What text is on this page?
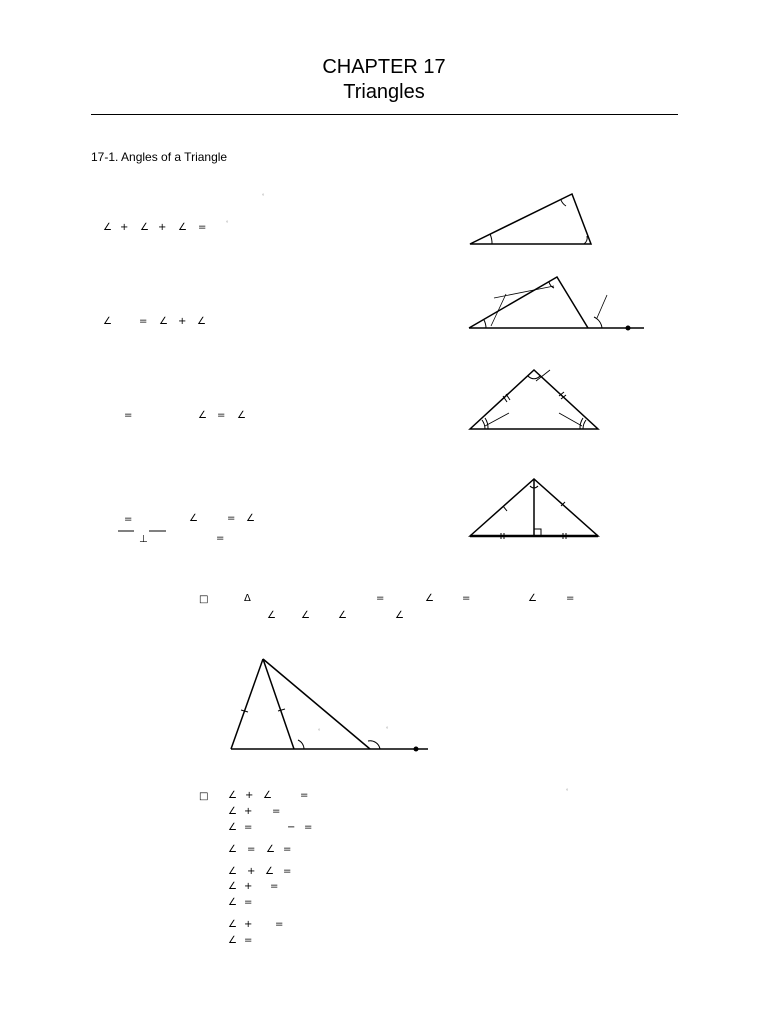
CHAPTER 17
Triangles
17-1. Angles of a Triangle
°
∠ + ∠ + ∠ =	°
∠	= ∠ + ∠
=	∠ = ∠
=	∠	= ∠
⊥	=
□	Δ	=	∠	=	∠	=
∠	∠	∠	∠
°	°
□ ∠ + ∠	=	°
∠ + =
∠ =	− =
∠ = ∠ =
∠ + ∠ =
∠ + =
∠ =
∠ + =
∠ =
